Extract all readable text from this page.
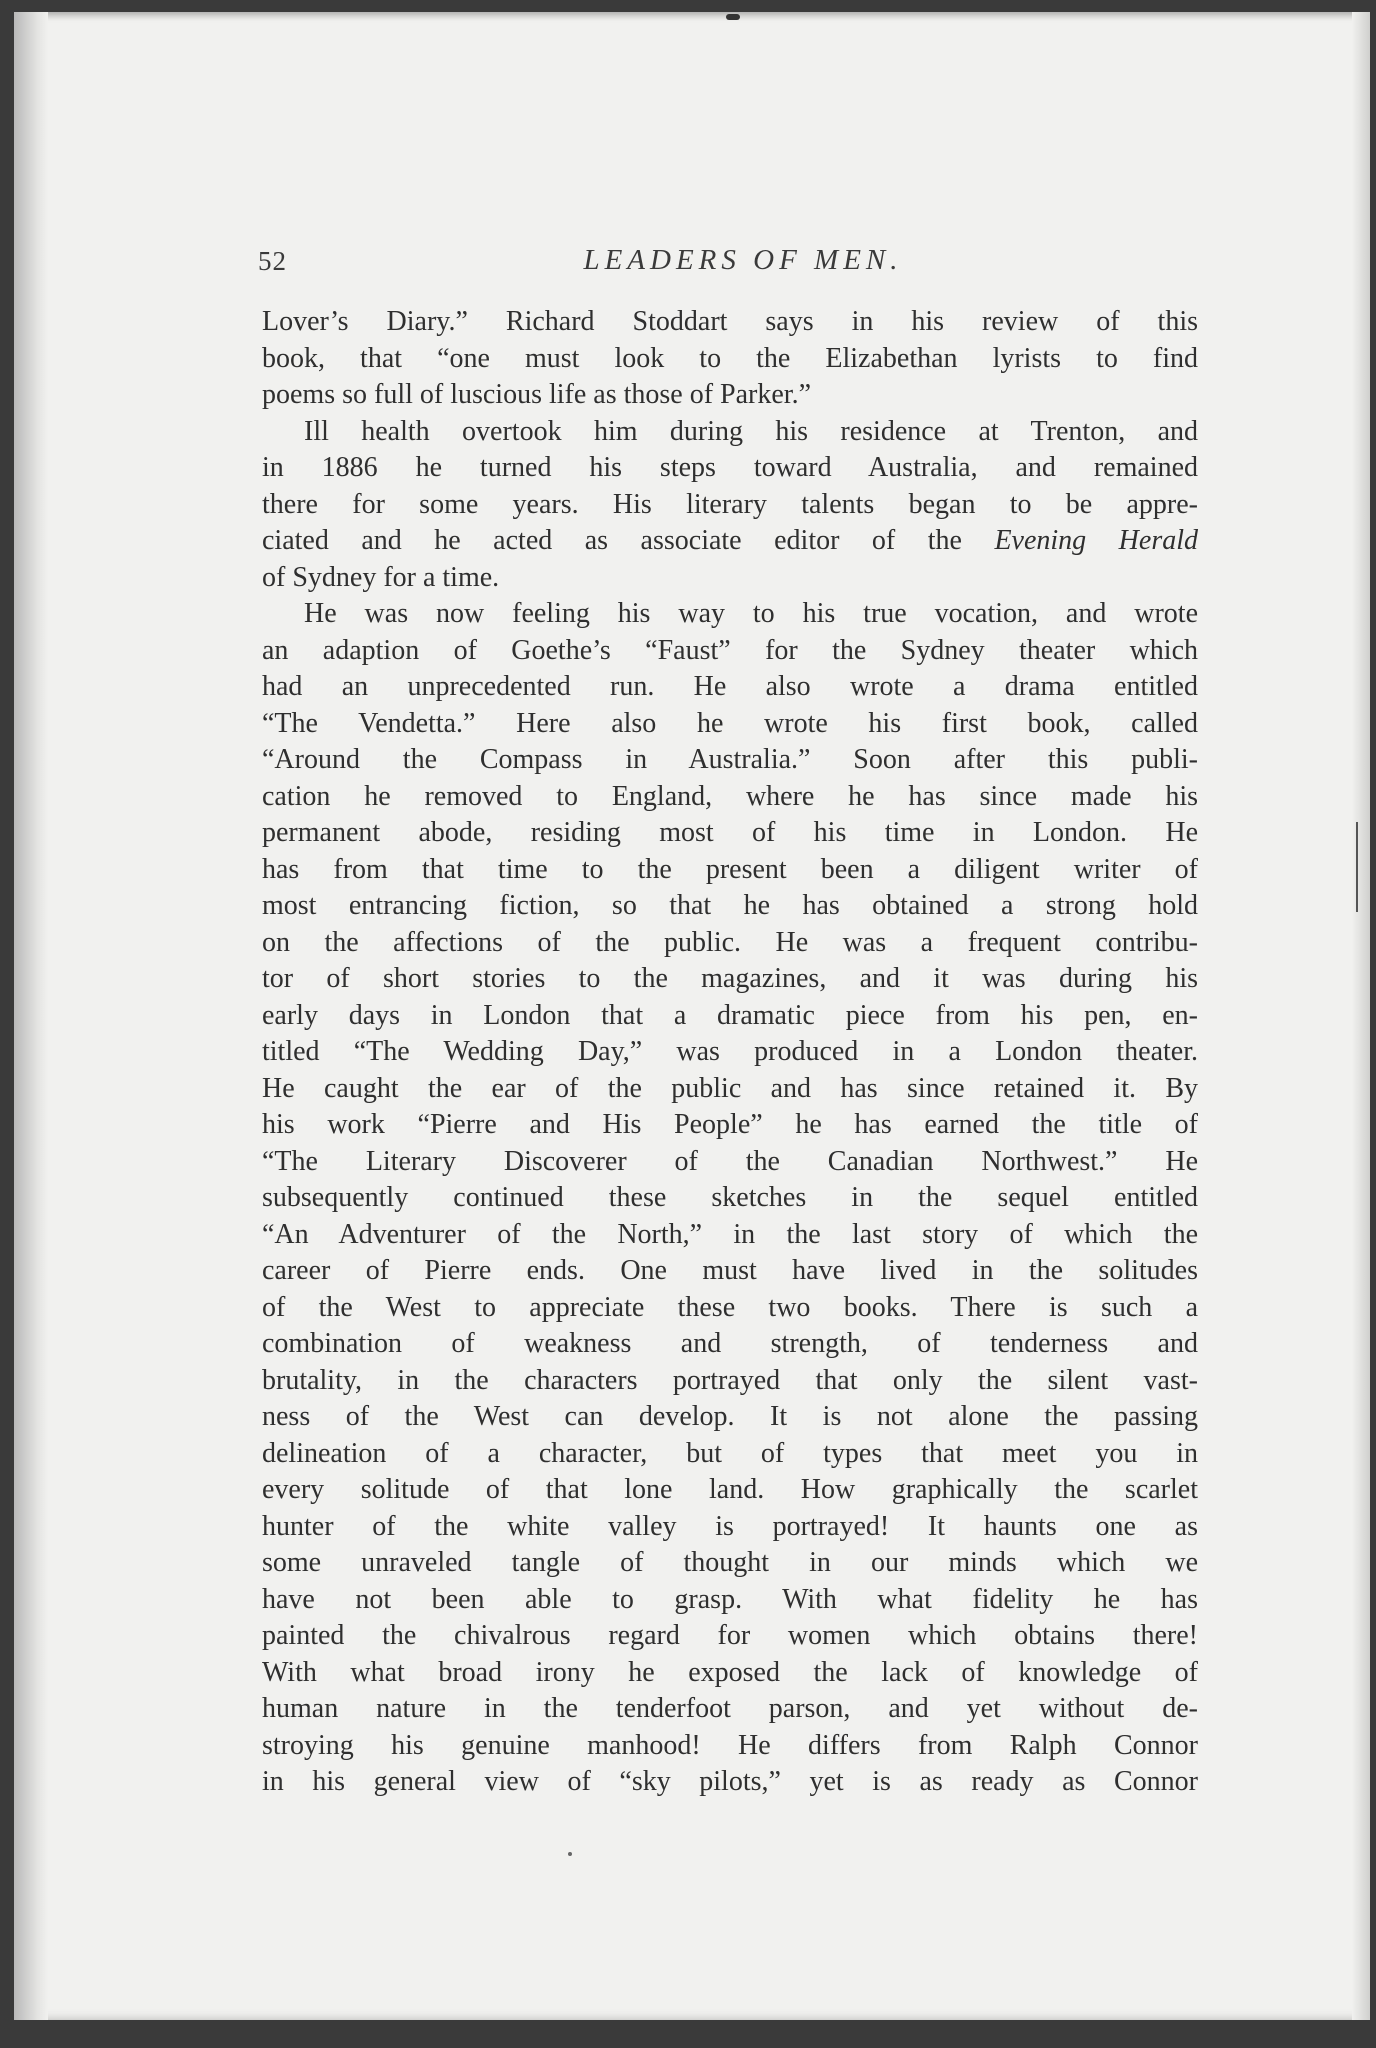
52	LEADERS OF MEN.
Lover’s Diary.” Richard Stoddart says in his review of this
book, that “one must look to the Elizabethan lyrists to find
poems so full of luscious life as those of Parker.”
Ill health overtook him during his residence at Trenton, and
in 1886 he turned his steps toward Australia, and remained
there for some years. His literary talents began to be appre-
ciated and he acted as associate editor of the Evening Herald
of Sydney for a time.
He was now feeling his way to his true vocation, and wrote
an adaption of Goethe’s “Faust” for the Sydney theater which
had an unprecedented run. He also wrote a drama entitled
“The Vendetta.” Here also he wrote his first book, called
“Around the Compass in Australia.” Soon after this publi-
cation he removed to England, where he has since made his
permanent abode, residing most of his time in London. He
has from that time to the present been a diligent writer of
most entrancing fiction, so that he has obtained a strong hold
on the affections of the public. He was a frequent contribu-
tor of short stories to the magazines, and it was during his
early days in London that a dramatic piece from his pen, en-
titled “The Wedding Day,” was produced in a London theater.
He caught the ear of the public and has since retained it. By
his work “Pierre and His People” he has earned the title of
“The Literary Discoverer of the Canadian Northwest.” He
subsequently continued these sketches in the sequel entitled
“An Adventurer of the North,” in the last story of which the
career of Pierre ends. One must have lived in the solitudes
of the West to appreciate these two books. There is such a
combination of weakness and strength, of tenderness and
brutality, in the characters portrayed that only the silent vast-
ness of the West can develop. It is not alone the passing
delineation of a character, but of types that meet you in
every solitude of that lone land. How graphically the scarlet
hunter of the white valley is portrayed! It haunts one as
some unraveled tangle of thought in our minds which we
have not been able to grasp. With what fidelity he has
painted the chivalrous regard for women which obtains there!
With what broad irony he exposed the lack of knowledge of
human nature in the tenderfoot parson, and yet without de-
stroying his genuine manhood! He differs from Ralph Connor
in his general view of “sky pilots,” yet is as ready as Connor
